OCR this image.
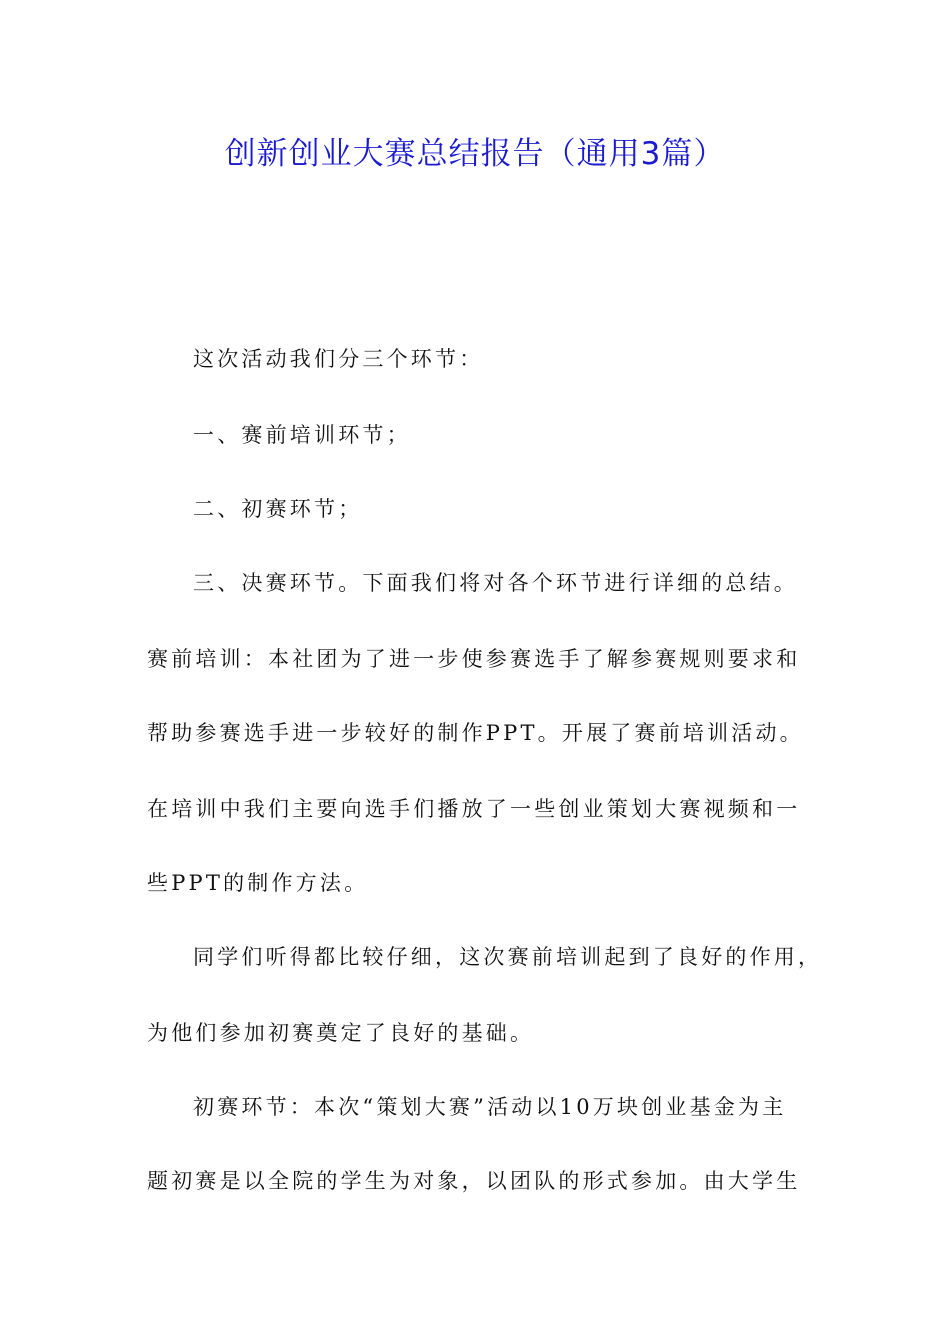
创新创业大赛总结报告（通用3篇）
这次活动我们分三个环节：
一、赛前培训环节；
二、初赛环节；
三、决赛环节。下面我们将对各个环节进行详细的总结。
赛前培训：本社团为了进一步使参赛选手了解参赛规则要求和
帮助参赛选手进一步较好的制作PPT。开展了赛前培训活动。
在培训中我们主要向选手们播放了一些创业策划大赛视频和一
些PPT的制作方法。
同学们听得都比较仔细，这次赛前培训起到了良好的作用，
为他们参加初赛奠定了良好的基础。
初赛环节：本次“策划大赛”活动以10万块创业基金为主
题初赛是以全院的学生为对象，以团队的形式参加。由大学生
